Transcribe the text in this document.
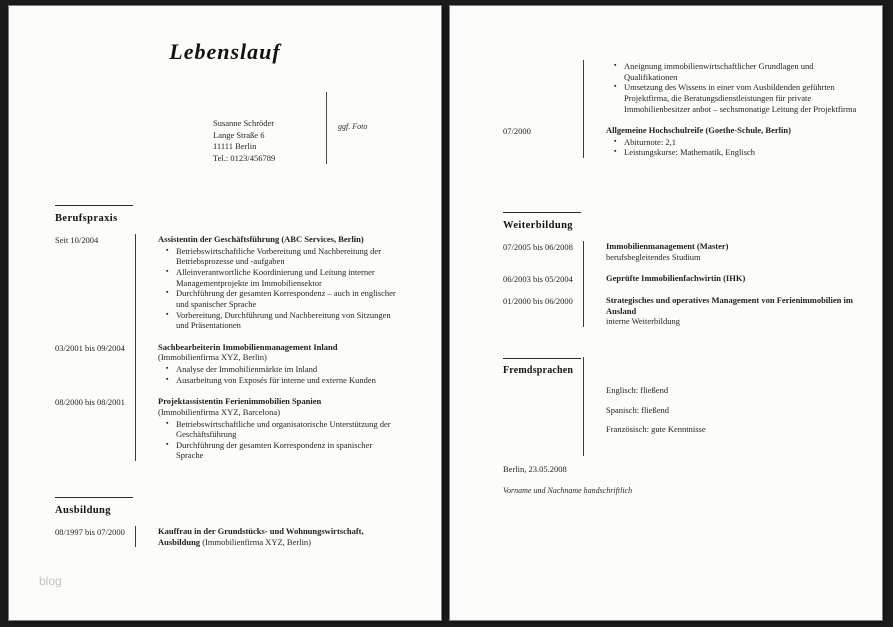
Lebenslauf
Susanne Schröder
Lange Straße 6
11111 Berlin
Tel.: 0123/456789
ggf. Foto
Berufspraxis
Seit 10/2004	Assistentin der Geschäftsführung (ABC Services, Berlin)
▪ Betriebswirtschaftliche Vorbereitung und Nachbereitung der Betriebsprozesse und -aufgaben
▪ Alleinverantwortliche Koordinierung und Leitung interner Managementprojekte im Immobiliensektor
▪ Durchführung der gesamten Korrespondenz – auch in englischer und spanischer Sprache
▪ Vorbereitung, Durchführung und Nachbereitung von Sitzungen und Präsentationen
03/2001 bis 09/2004	Sachbearbeiterin Immobilienmanagement Inland
(Immobilienfirma XYZ, Berlin)
▪ Analyse der Immobilienmärkte im Inland
▪ Ausarbeitung von Exposés für interne und externe Kunden
08/2000 bis 08/2001	Projektassistentin Ferienimmobilien Spanien
(Immobilienfirma XYZ, Barcelona)
▪ Betriebswirtschaftliche und organisatorische Unterstützung der Geschäftsführung
▪ Durchführung der gesamten Korrespondenz in spanischer Sprache
Ausbildung
08/1997 bis 07/2000	Kauffrau in der Grundstücks- und Wohnungswirtschaft, Ausbildung (Immobilienfirma XYZ, Berlin)
blog
▪ Aneignung immobilienwirtschaftlicher Grundlagen und Qualifikationen
▪ Umsetzung des Wissens in einer vom Ausbildenden geführten Projektfirma, die Beratungsdienstleistungen für private Immobilienbesitzer anbot – sechsmonatige Leitung der Projektfirma
07/2000	Allgemeine Hochschulreife (Goethe-Schule, Berlin)
▪ Abiturnote: 2,1
▪ Leistungskurse: Mathematik, Englisch
Weiterbildung
07/2005 bis 06/2008	Immobilienmanagement (Master)
berufsbegleitendes Studium
06/2003 bis 05/2004	Geprüfte Immobilienfachwirtin (IHK)
01/2000 bis 06/2000	Strategisches und operatives Management von Ferienimmobilien im Ausland
interne Weiterbildung
Fremdsprachen
Englisch: fließend
Spanisch: fließend
Französisch: gute Kenntnisse
Berlin, 23.05.2008
Vorname und Nachname handschriftlich
